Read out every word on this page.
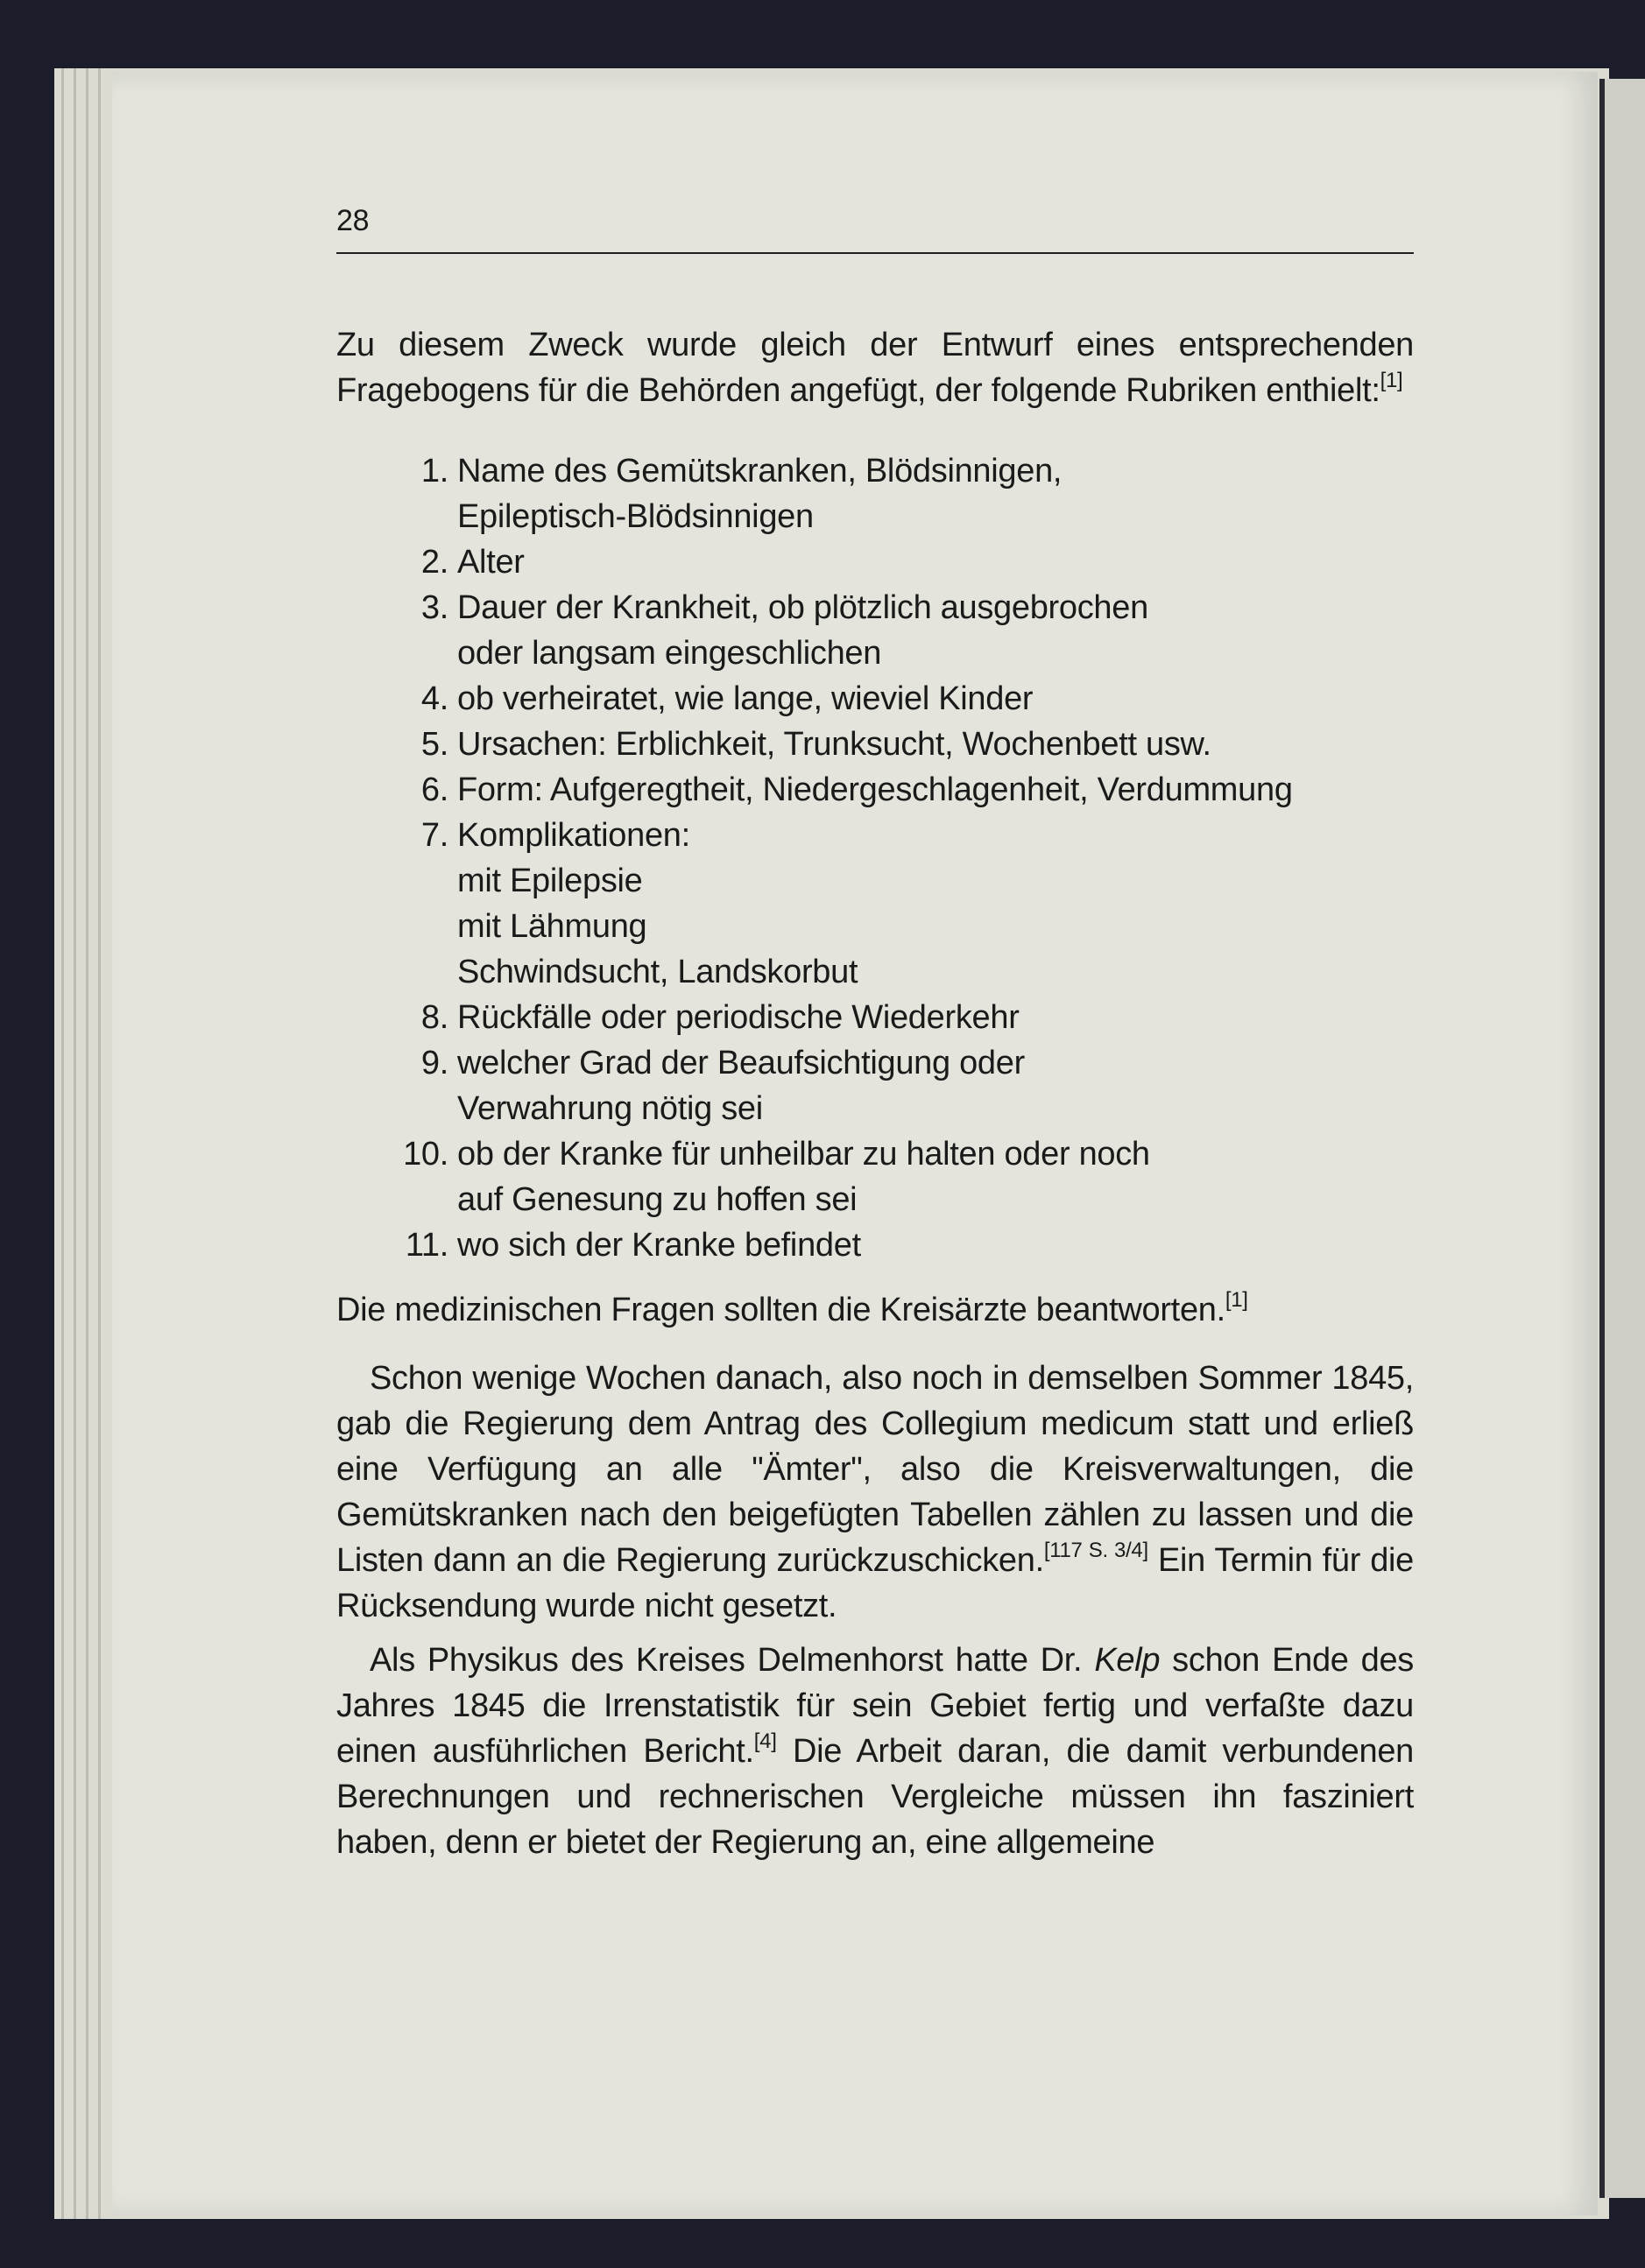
28

Zu diesem Zweck wurde gleich der Entwurf eines entsprechenden Fragebogens für die Behörden angefügt, der folgende Rubriken enthielt:[1]

1. Name des Gemütskranken, Blödsinnigen,
Epileptisch-Blödsinnigen
2. Alter
3. Dauer der Krankheit, ob plötzlich ausgebrochen
oder langsam eingeschlichen
4. ob verheiratet, wie lange, wieviel Kinder
5. Ursachen: Erblichkeit, Trunksucht, Wochenbett usw.
6. Form: Aufgeregtheit, Niedergeschlagenheit, Verdummung
7. Komplikationen:
mit Epilepsie
mit Lähmung
Schwindsucht, Landskorbut
8. Rückfälle oder periodische Wiederkehr
9. welcher Grad der Beaufsichtigung oder
Verwahrung nötig sei
10. ob der Kranke für unheilbar zu halten oder noch
auf Genesung zu hoffen sei
11. wo sich der Kranke befindet

Die medizinischen Fragen sollten die Kreisärzte beantworten.[1]

Schon wenige Wochen danach, also noch in demselben Sommer 1845, gab die Regierung dem Antrag des Collegium medicum statt und erließ eine Verfügung an alle "Ämter", also die Kreisverwaltungen, die Gemütskranken nach den beigefügten Tabellen zählen zu lassen und die Listen dann an die Regierung zurückzuschicken.[117 S. 3/4] Ein Termin für die Rücksendung wurde nicht gesetzt.

Als Physikus des Kreises Delmenhorst hatte Dr. Kelp schon Ende des Jahres 1845 die Irrenstatistik für sein Gebiet fertig und verfaßte dazu einen ausführlichen Bericht.[4] Die Arbeit daran, die damit verbundenen Berechnungen und rechnerischen Vergleiche müssen ihn fasziniert haben, denn er bietet der Regierung an, eine allgemeine
